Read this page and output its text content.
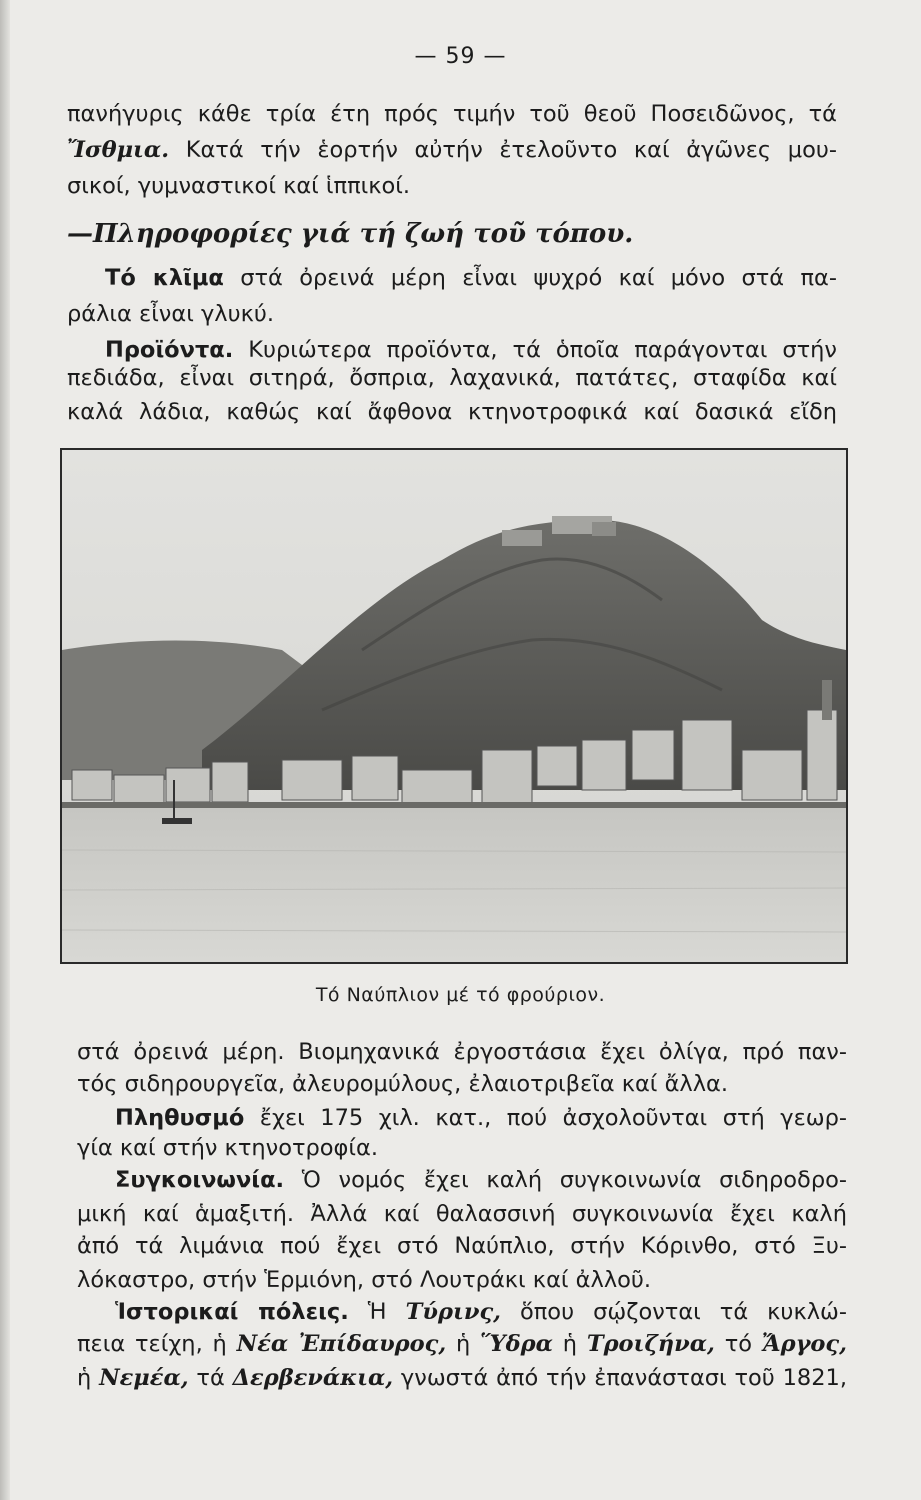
— 59 —
πανήγυρις κάθε τρία έτη πρός τιμήν τοῦ θεοῦ Ποσειδῶνος, τά
Ἴσθμια. Κατά τήν ἑορτήν αὐτήν ἐτελοῦντο καί ἀγῶνες μου-
σικοί, γυμναστικοί καί ἱππικοί.
—Πληροφορίες γιά τή ζωή τοῦ τόπου.
Τό κλῖμα στά ὀρεινά μέρη εἶναι ψυχρό καί μόνο στά πα-
ράλια εἶναι γλυκύ.
Προϊόντα. Κυριώτερα προϊόντα, τά ὁποῖα παράγονται στήν
πεδιάδα, εἶναι σιτηρά, ὄσπρια, λαχανικά, πατάτες, σταφίδα καί
καλά λάδια, καθώς καί ἄφθονα κτηνοτροφικά καί δασικά εἴδη
Τό Ναύπλιον μέ τό φρούριον.
στά ὀρεινά μέρη. Βιομηχανικά ἐργοστάσια ἔχει ὀλίγα, πρό παν-
τός σιδηρουργεῖα, ἀλευρομύλους, ἐλαιοτριβεῖα καί ἄλλα.
Πληθυσμό ἔχει 175 χιλ. κατ., πού ἀσχολοῦνται στή γεωρ-
γία καί στήν κτηνοτροφία.
Συγκοινωνία. Ὁ νομός ἔχει καλή συγκοινωνία σιδηροδρο-
μική καί ἁμαξιτή. Ἀλλά καί θαλασσινή συγκοινωνία ἔχει καλή
ἀπό τά λιμάνια πού ἔχει στό Ναύπλιο, στήν Κόρινθο, στό Ξυ-
λόκαστρο, στήν Ἑρμιόνη, στό Λουτράκι καί ἀλλοῦ.
Ἱστορικαί πόλεις. Ἡ Τύρινς, ὅπου σῴζονται τά κυκλώ-
πεια τείχη, ἡ Νέα Ἐπίδαυρος, ἡ Ὕδρα ἡ Τροιζήνα, τό Ἄργος,
ἡ Νεμέα, τά Δερβενάκια, γνωστά ἀπό τήν ἐπανάστασι τοῦ 1821,
